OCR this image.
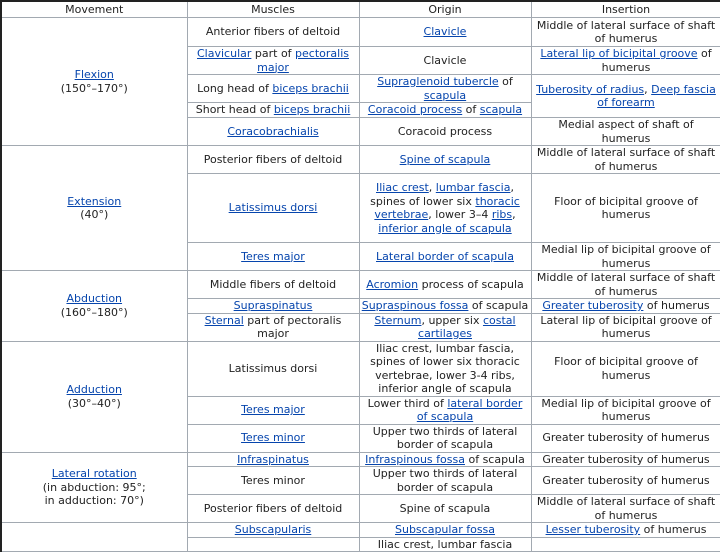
Movement	Muscles	Origin	Insertion

Flexion
(150°–170°)	Anterior fibers of deltoid	Clavicle	Middle of lateral surface of shaft of humerus
	Clavicular part of pectoralis major	Clavicle	Lateral lip of bicipital groove of humerus
	Long head of biceps brachii	Supraglenoid tubercle of scapula	Tuberosity of radius, Deep fascia of forearm
	Short head of biceps brachii	Coracoid process of scapula	
	Coracobrachialis	Coracoid process	Medial aspect of shaft of humerus

Extension
(40°)	Posterior fibers of deltoid	Spine of scapula	Middle of lateral surface of shaft of humerus
	Latissimus dorsi	Iliac crest, lumbar fascia, spines of lower six thoracic vertebrae, lower 3–4 ribs, inferior angle of scapula	Floor of bicipital groove of humerus
	Teres major	Lateral border of scapula	Medial lip of bicipital groove of humerus

Abduction
(160°–180°)	Middle fibers of deltoid	Acromion process of scapula	Middle of lateral surface of shaft of humerus
	Supraspinatus	Supraspinous fossa of scapula	Greater tuberosity of humerus
	Sternal part of pectoralis major	Sternum, upper six costal cartilages	Lateral lip of bicipital groove of humerus

Adduction
(30°–40°)	Latissimus dorsi	Iliac crest, lumbar fascia, spines of lower six thoracic vertebrae, lower 3-4 ribs, inferior angle of scapula	Floor of bicipital groove of humerus
	Teres major	Lower third of lateral border of scapula	Medial lip of bicipital groove of humerus
	Teres minor	Upper two thirds of lateral border of scapula	Greater tuberosity of humerus

Lateral rotation
(in abduction: 95°;
in adduction: 70°)	Infraspinatus	Infraspinous fossa of scapula	Greater tuberosity of humerus
	Teres minor	Upper two thirds of lateral border of scapula	Greater tuberosity of humerus
	Posterior fibers of deltoid	Spine of scapula	Middle of lateral surface of shaft of humerus
	Subscapularis	Subscapular fossa	Lesser tuberosity of humerus
		Iliac crest, lumbar fascia	
